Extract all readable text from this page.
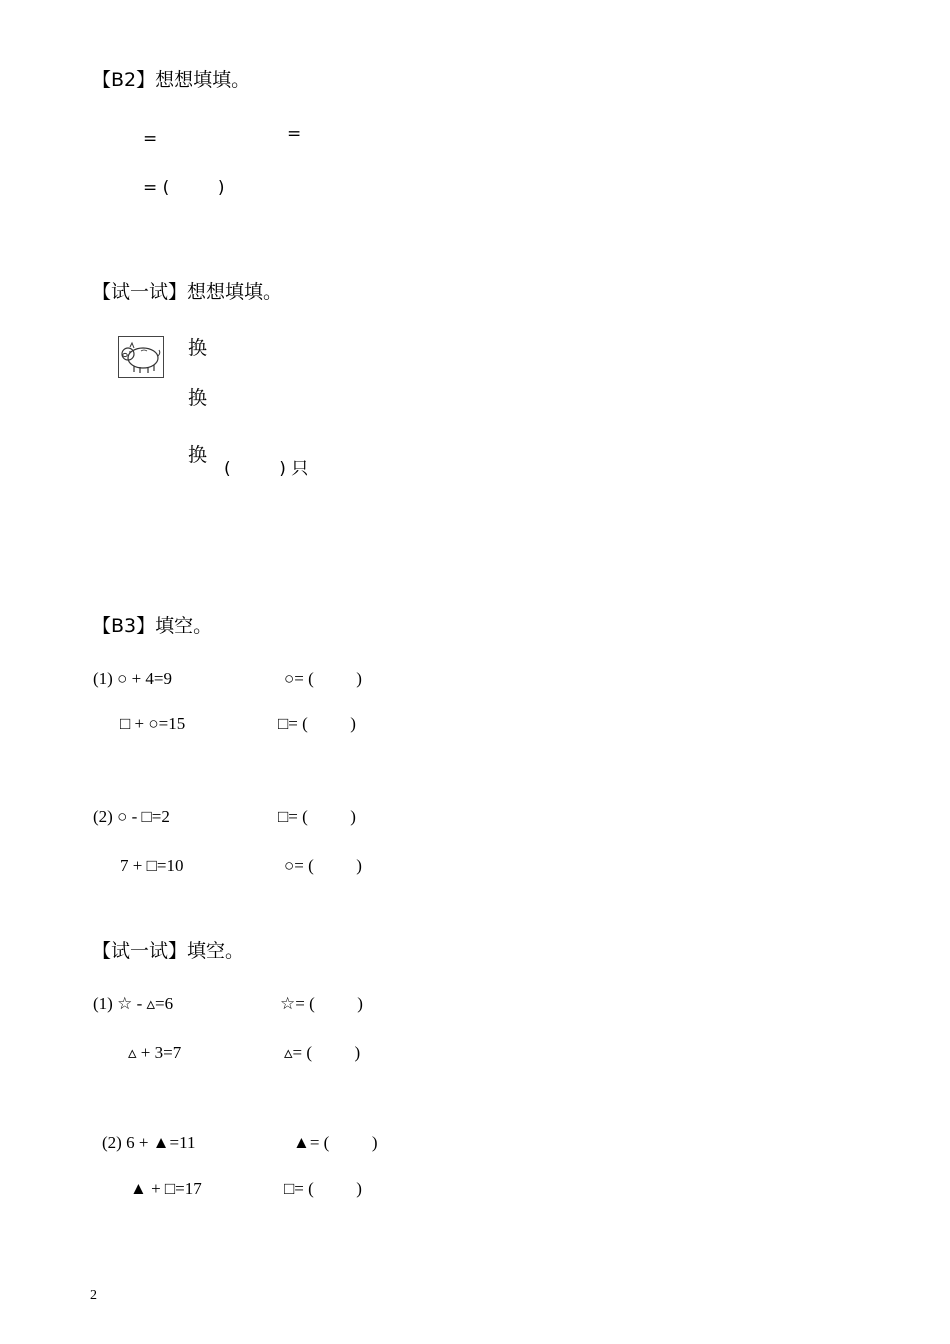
【B2】想想填填。
=	=
= (         )
【试一试】想想填填。
换
换
换
(         ) 只
【B3】填空。
(1) ○ + 4=9	○= (          )
□ + ○=15	□= (          )
(2) ○ - □=2	□= (          )
7 + □=10	○= (          )
【试一试】填空。
(1) ☆ - ▵=6	☆= (          )
▵ + 3=7	▵= (          )
(2) 6 + ▲=11	▲= (          )
▲ + □=17	□= (          )
2
